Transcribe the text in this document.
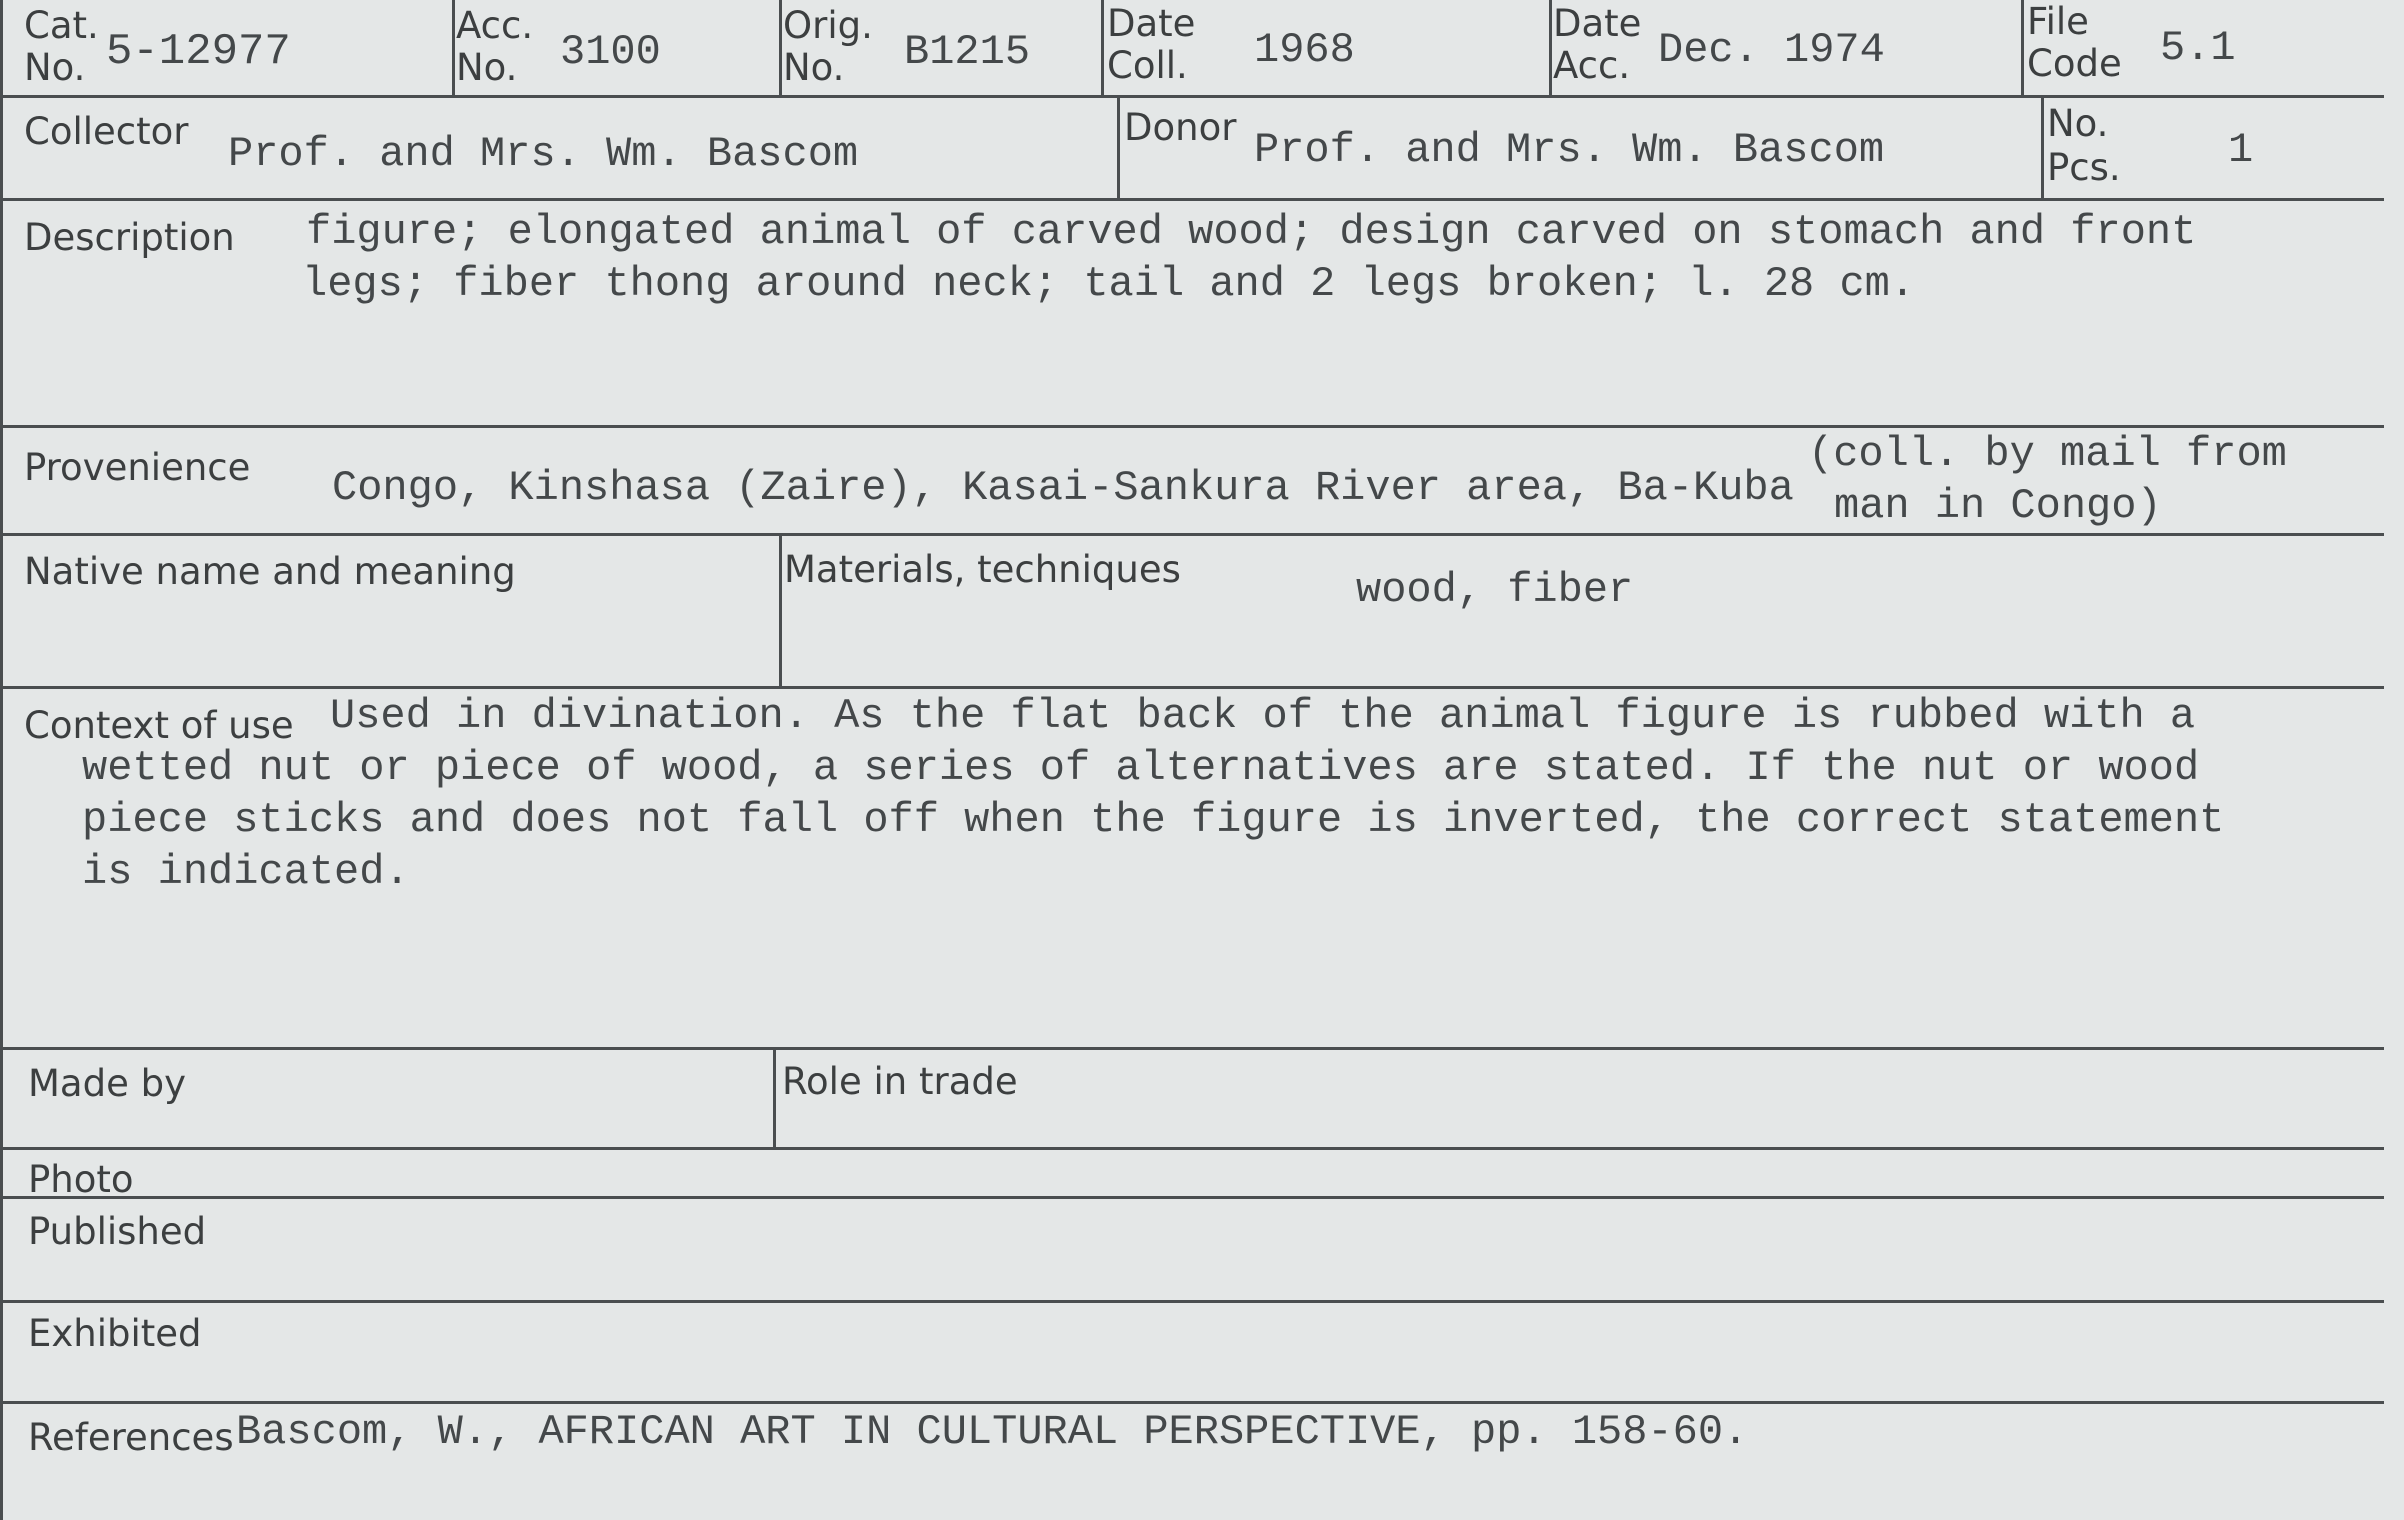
Cat.
No. 5-12977
Acc.
No. 3100
Orig.
No. B1215
Date
Coll. 1968
Date
Acc. Dec. 1974
File
Code 5.1
Collector Prof. and Mrs. Wm. Bascom
Donor Prof. and Mrs. Wm. Bascom
No.
Pcs.	1
Description figure; elongated animal of carved wood; design carved on stomach and front
legs; fiber thong around neck; tail and 2 legs broken; l. 28 cm.
Provenience Congo, Kinshasa (Zaire), Kasai-Sankura River area, Ba-Kuba
(coll. by mail from
man in Congo)
Native name and meaning	Materials, techniques	wood, fiber
Context of use Used in divination. As the flat back of the animal figure is rubbed with a
wetted nut or piece of wood, a series of alternatives are stated. If the nut or wood
piece sticks and does not fall off when the figure is inverted, the correct statement
is indicated.
Made by	Role in trade
Photo
Published
Exhibited
References Bascom, W., AFRICAN ART IN CULTURAL PERSPECTIVE, pp. 158-60.
